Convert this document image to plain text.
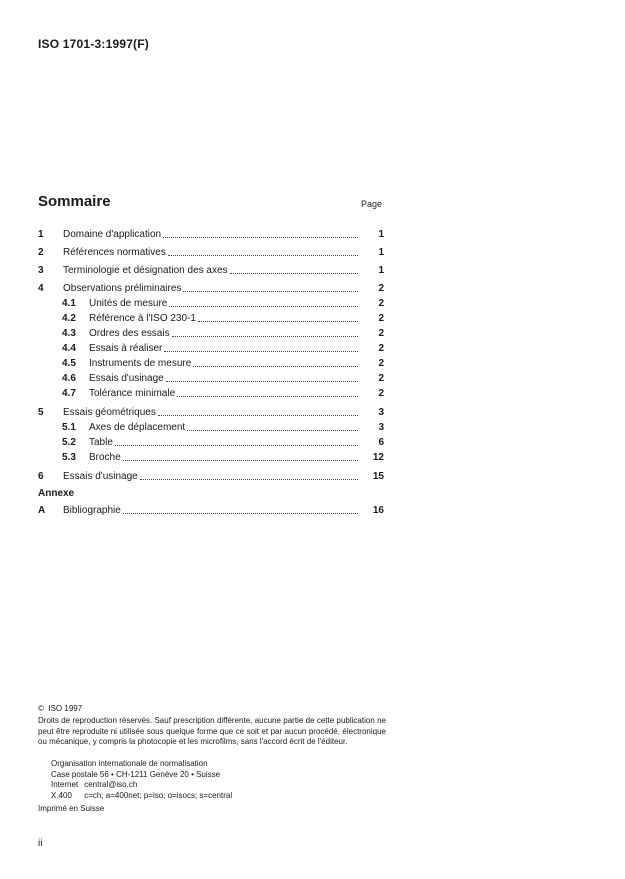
ISO 1701-3:1997(F)
Sommaire	Page
1 Domaine d'application	1
2 Références normatives	1
3 Terminologie et désignation des axes	1
4 Observations préliminaires	2
4.1 Unités de mesure	2
4.2 Référence à l'ISO 230-1	2
4.3 Ordres des essais	2
4.4 Essais à réaliser	2
4.5 Instruments de mesure	2
4.6 Essais d'usinage	2
4.7 Tolérance minimale	2
5 Essais géométriques	3
5.1 Axes de déplacement	3
5.2 Table	6
5.3 Broche	12
6 Essais d'usinage	15
A Bibliographie	16
Annexe
© ISO 1997
Droits de reproduction réservés. Sauf prescription différente, aucune partie de cette publication ne peut être reproduite ni utilisée sous quelque forme que ce soit et par aucun procédé, électronique ou mécanique, y compris la photocopie et les microfilms, sans l'accord écrit de l'éditeur.
Organisation internationale de normalisation
Case postale 56 • CH-1211 Genève 20 • Suisse
Internet central@iso.ch
X.400 c=ch; a=400net; p=iso; o=isocs; s=central
Imprimé en Suisse
ii
